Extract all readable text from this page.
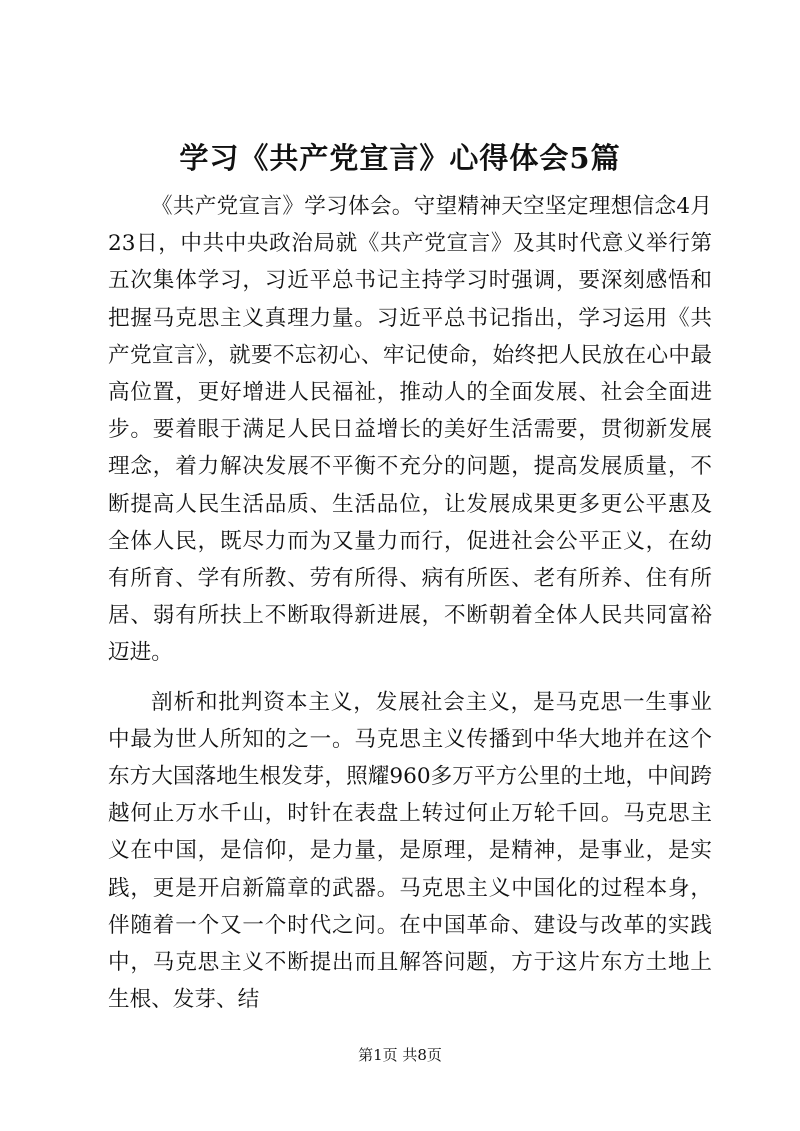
学习《共产党宣言》心得体会5篇

《共产党宣言》学习体会。守望精神天空坚定理想信念4月23日，中共中央政治局就《共产党宣言》及其时代意义举行第五次集体学习，习近平总书记主持学习时强调，要深刻感悟和把握马克思主义真理力量。习近平总书记指出，学习运用《共产党宣言》，就要不忘初心、牢记使命，始终把人民放在心中最高位置，更好增进人民福祉，推动人的全面发展、社会全面进步。要着眼于满足人民日益增长的美好生活需要，贯彻新发展理念，着力解决发展不平衡不充分的问题，提高发展质量，不断提高人民生活品质、生活品位，让发展成果更多更公平惠及全体人民，既尽力而为又量力而行，促进社会公平正义，在幼有所育、学有所教、劳有所得、病有所医、老有所养、住有所居、弱有所扶上不断取得新进展，不断朝着全体人民共同富裕迈进。

剖析和批判资本主义，发展社会主义，是马克思一生事业中最为世人所知的之一。马克思主义传播到中华大地并在这个东方大国落地生根发芽，照耀960多万平方公里的土地，中间跨越何止万水千山，时针在表盘上转过何止万轮千回。马克思主义在中国，是信仰，是力量，是原理，是精神，是事业，是实践，更是开启新篇章的武器。马克思主义中国化的过程本身，伴随着一个又一个时代之问。在中国革命、建设与改革的实践中，马克思主义不断提出而且解答问题，方于这片东方土地上生根、发芽、结

第1页 共8页
